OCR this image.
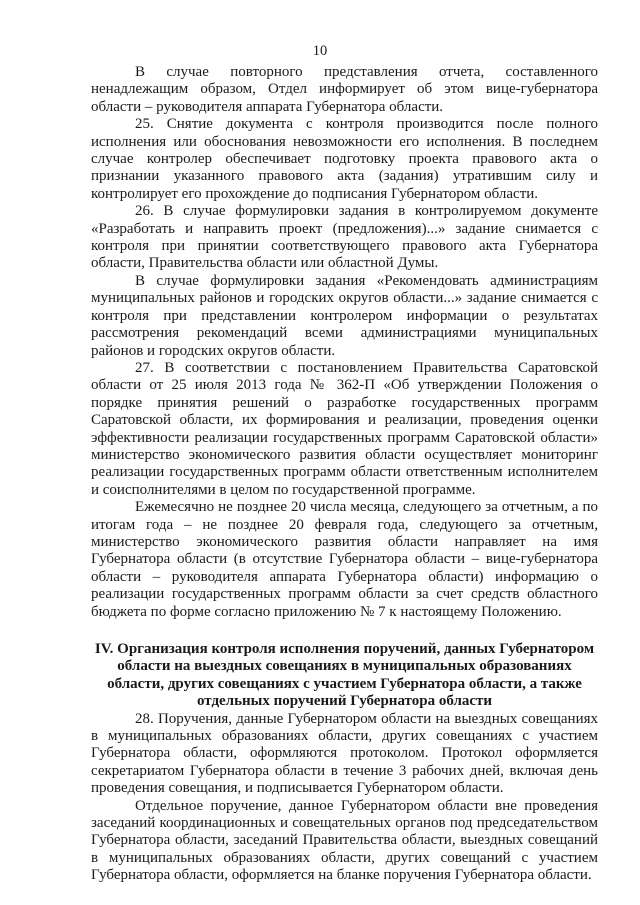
10

В случае повторного представления отчета, составленного ненадлежащим образом, Отдел информирует об этом вице-губернатора области – руководителя аппарата Губернатора области.

25. Снятие документа с контроля производится после полного исполнения или обоснования невозможности его исполнения. В последнем случае контролер обеспечивает подготовку проекта правового акта о признании указанного правового акта (задания) утратившим силу и контролирует его прохождение до подписания Губернатором области.

26. В случае формулировки задания в контролируемом документе «Разработать и направить проект (предложения)...» задание снимается с контроля при принятии соответствующего правового акта Губернатора области, Правительства области или областной Думы.

В случае формулировки задания «Рекомендовать администрациям муниципальных районов и городских округов области...» задание снимается с контроля при представлении контролером информации о результатах рассмотрения рекомендаций всеми администрациями муниципальных районов и городских округов области.

27. В соответствии с постановлением Правительства Саратовской области от 25 июля 2013 года № 362-П «Об утверждении Положения о порядке принятия решений о разработке государственных программ Саратовской области, их формирования и реализации, проведения оценки эффективности реализации государственных программ Саратовской области» министерство экономического развития области осуществляет мониторинг реализации государственных программ области ответственным исполнителем и соисполнителями в целом по государственной программе.

Ежемесячно не позднее 20 числа месяца, следующего за отчетным, а по итогам года – не позднее 20 февраля года, следующего за отчетным, министерство экономического развития области направляет на имя Губернатора области (в отсутствие Губернатора области – вице-губернатора области – руководителя аппарата Губернатора области) информацию о реализации государственных программ области за счет средств областного бюджета по форме согласно приложению № 7 к настоящему Положению.

IV. Организация контроля исполнения поручений, данных Губернатором области на выездных совещаниях в муниципальных образованиях области, других совещаниях с участием Губернатора области, а также отдельных поручений Губернатора области

28. Поручения, данные Губернатором области на выездных совещаниях в муниципальных образованиях области, других совещаниях с участием Губернатора области, оформляются протоколом. Протокол оформляется секретариатом Губернатора области в течение 3 рабочих дней, включая день проведения совещания, и подписывается Губернатором области.

Отдельное поручение, данное Губернатором области вне проведения заседаний координационных и совещательных органов под председательством Губернатора области, заседаний Правительства области, выездных совещаний в муниципальных образованиях области, других совещаний с участием Губернатора области, оформляется на бланке поручения Губернатора области.
